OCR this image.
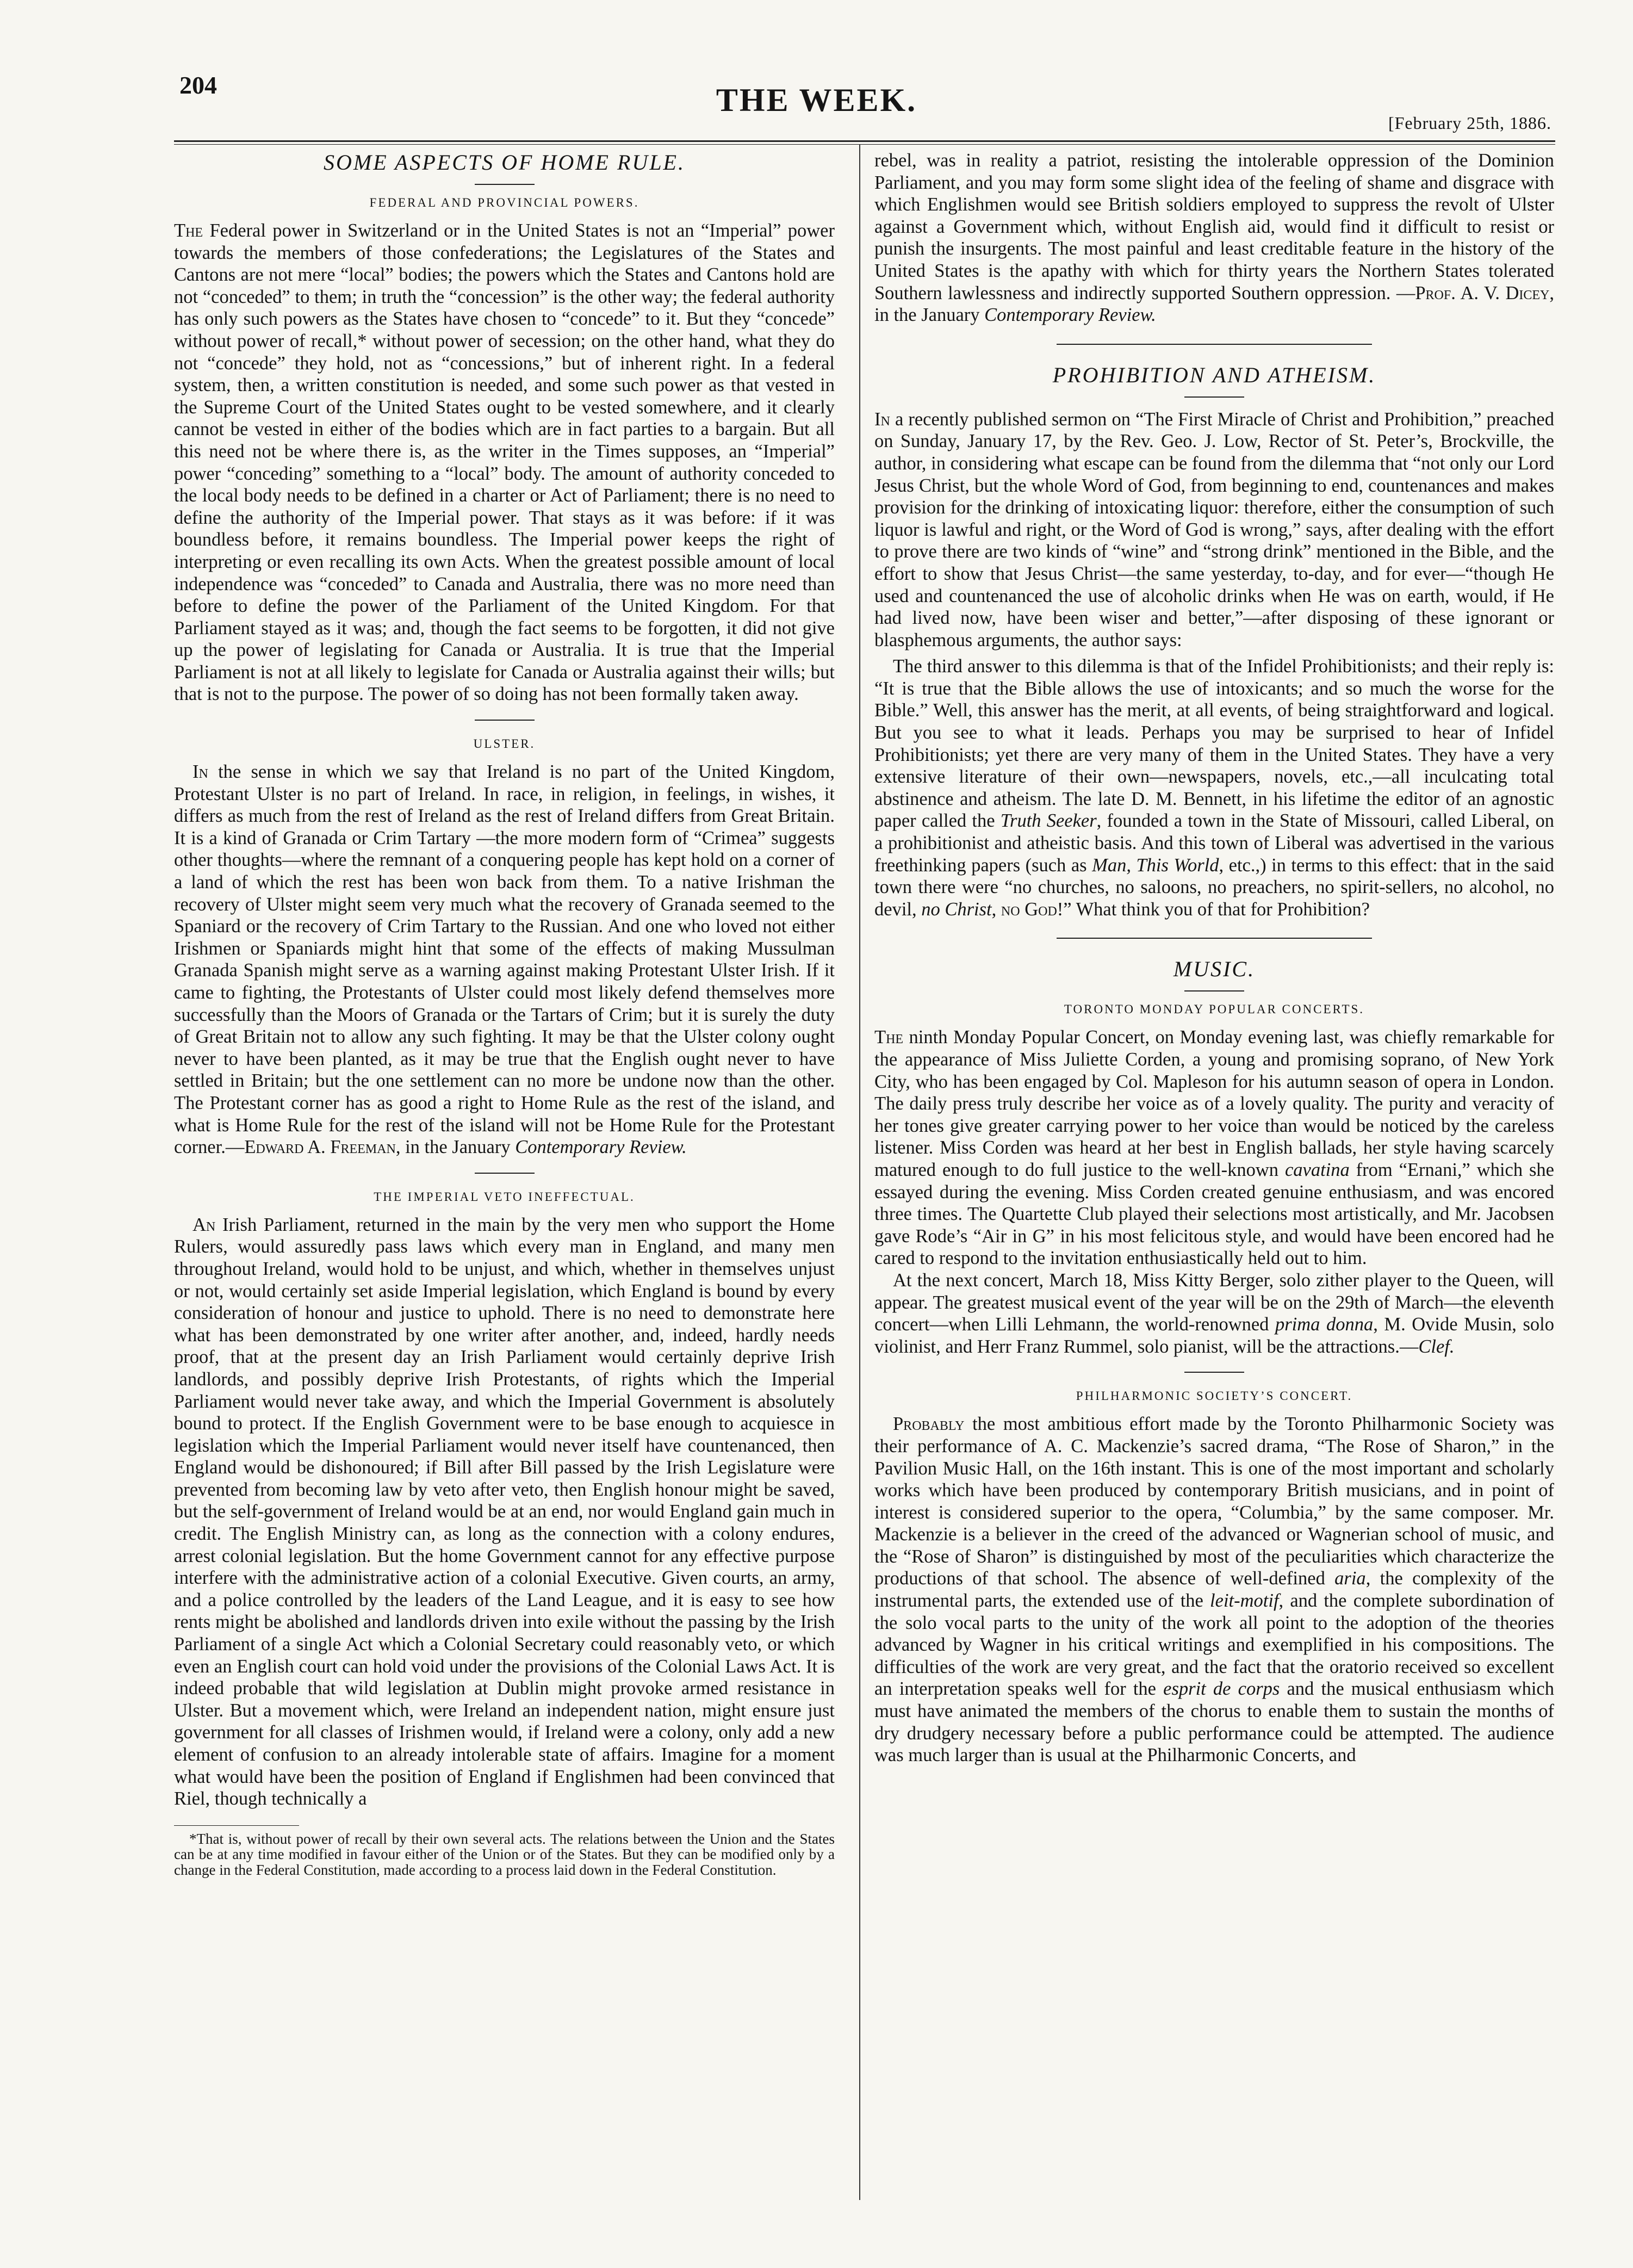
204	THE WEEK.
[February 25th, 1886.
SOME ASPECTS OF HOME RULE.
FEDERAL AND PROVINCIAL POWERS.

The Federal power in Switzerland or in the United States is not an “Imperial” power towards the members of those confederations; the Legislatures of the States and Cantons are not mere “local” bodies; the powers which the States and Cantons hold are not “conceded” to them; in truth the “concession” is the other way; the federal authority has only such powers as the States have chosen to “concede” to it. But they “concede” without power of recall,* without power of secession; on the other hand, what they do not “concede” they hold, not as “concessions,” but of inherent right. In a federal system, then, a written constitution is needed, and some such power as that vested in the Supreme Court of the United States ought to be vested somewhere, and it clearly cannot be vested in either of the bodies which are in fact parties to a bargain. But all this need not be where there is, as the writer in the Times supposes, an “Imperial” power “conceding” something to a “local” body. The amount of authority conceded to the local body needs to be defined in a charter or Act of Parliament; there is no need to define the authority of the Imperial power. That stays as it was before: if it was boundless before, it remains boundless. The Imperial power keeps the right of interpreting or even recalling its own Acts. When the greatest possible amount of local independence was “conceded” to Canada and Australia, there was no more need than before to define the power of the Parliament of the United Kingdom. For that Parliament stayed as it was; and, though the fact seems to be forgotten, it did not give up the power of legislating for Canada or Australia. It is true that the Imperial Parliament is not at all likely to legislate for Canada or Australia against their wills; but that is not to the purpose. The power of so doing has not been formally taken away.

ULSTER.

In the sense in which we say that Ireland is no part of the United Kingdom, Protestant Ulster is no part of Ireland. In race, in religion, in feelings, in wishes, it differs as much from the rest of Ireland as the rest of Ireland differs from Great Britain. It is a kind of Granada or Crim Tartary —the more modern form of “Crimea” suggests other thoughts—where the remnant of a conquering people has kept hold on a corner of a land of which the rest has been won back from them. To a native Irishman the recovery of Ulster might seem very much what the recovery of Granada seemed to the Spaniard or the recovery of Crim Tartary to the Russian. And one who loved not either Irishmen or Spaniards might hint that some of the effects of making Mussulman Granada Spanish might serve as a warning against making Protestant Ulster Irish. If it came to fighting, the Protestants of Ulster could most likely defend themselves more successfully than the Moors of Granada or the Tartars of Crim; but it is surely the duty of Great Britain not to allow any such fighting. It may be that the Ulster colony ought never to have been planted, as it may be true that the English ought never to have settled in Britain; but the one settlement can no more be undone now than the other. The Protestant corner has as good a right to Home Rule as the rest of the island, and what is Home Rule for the rest of the island will not be Home Rule for the Protestant corner.—Edward A. Freeman, in the January Contemporary Review.

THE IMPERIAL VETO INEFFECTUAL.

An Irish Parliament, returned in the main by the very men who support the Home Rulers, would assuredly pass laws which every man in England, and many men throughout Ireland, would hold to be unjust, and which, whether in themselves unjust or not, would certainly set aside Imperial legislation, which England is bound by every consideration of honour and justice to uphold. There is no need to demonstrate here what has been demonstrated by one writer after another, and, indeed, hardly needs proof, that at the present day an Irish Parliament would certainly deprive Irish landlords, and possibly deprive Irish Protestants, of rights which the Imperial Parliament would never take away, and which the Imperial Government is absolutely bound to protect. If the English Government were to be base enough to acquiesce in legislation which the Imperial Parliament would never itself have countenanced, then England would be dishonoured; if Bill after Bill passed by the Irish Legislature were prevented from becoming law by veto after veto, then English honour might be saved, but the self-government of Ireland would be at an end, nor would England gain much in credit. The English Ministry can, as long as the connection with a colony endures, arrest colonial legislation. But the home Government cannot for any effective purpose interfere with the administrative action of a colonial Executive. Given courts, an army, and a police controlled by the leaders of the Land League, and it is easy to see how rents might be abolished and landlords driven into exile without the passing by the Irish Parliament of a single Act which a Colonial Secretary could reasonably veto, or which even an English court can hold void under the provisions of the Colonial Laws Act. It is indeed probable that wild legislation at Dublin might provoke armed resistance in Ulster. But a movement which, were Ireland an independent nation, might ensure just government for all classes of Irishmen would, if Ireland were a colony, only add a new element of confusion to an already intolerable state of affairs. Imagine for a moment what would have been the position of England if Englishmen had been convinced that Riel, though technically a

*That is, without power of recall by their own several acts. The relations between the Union and the States can be at any time modified in favour either of the Union or of the States. But they can be modified only by a change in the Federal Constitution, made according to a process laid down in the Federal Constitution.

rebel, was in reality a patriot, resisting the intolerable oppression of the Dominion Parliament, and you may form some slight idea of the feeling of shame and disgrace with which Englishmen would see British soldiers employed to suppress the revolt of Ulster against a Government which, without English aid, would find it difficult to resist or punish the insurgents. The most painful and least creditable feature in the history of the United States is the apathy with which for thirty years the Northern States tolerated Southern lawlessness and indirectly supported Southern oppression. —Prof. A. V. Dicey, in the January Contemporary Review.

PROHIBITION AND ATHEISM.

In a recently published sermon on “The First Miracle of Christ and Prohibition,” preached on Sunday, January 17, by the Rev. Geo. J. Low, Rector of St. Peter’s, Brockville, the author, in considering what escape can be found from the dilemma that “not only our Lord Jesus Christ, but the whole Word of God, from beginning to end, countenances and makes provision for the drinking of intoxicating liquor: therefore, either the consumption of such liquor is lawful and right, or the Word of God is wrong,” says, after dealing with the effort to prove there are two kinds of “wine” and “strong drink” mentioned in the Bible, and the effort to show that Jesus Christ—the same yesterday, to-day, and for ever—“though He used and countenanced the use of alcoholic drinks when He was on earth, would, if He had lived now, have been wiser and better,”—after disposing of these ignorant or blasphemous arguments, the author says:

The third answer to this dilemma is that of the Infidel Prohibitionists; and their reply is: “It is true that the Bible allows the use of intoxicants; and so much the worse for the Bible.” Well, this answer has the merit, at all events, of being straightforward and logical. But you see to what it leads. Perhaps you may be surprised to hear of Infidel Prohibitionists; yet there are very many of them in the United States. They have a very extensive literature of their own—newspapers, novels, etc.,—all inculcating total abstinence and atheism. The late D. M. Bennett, in his lifetime the editor of an agnostic paper called the Truth Seeker, founded a town in the State of Missouri, called Liberal, on a prohibitionist and atheistic basis. And this town of Liberal was advertised in the various freethinking papers (such as Man, This World, etc.,) in terms to this effect: that in the said town there were “no churches, no saloons, no preachers, no spirit-sellers, no alcohol, no devil, no Christ, no God!” What think you of that for Prohibition?

MUSIC.
TORONTO MONDAY POPULAR CONCERTS.

The ninth Monday Popular Concert, on Monday evening last, was chiefly remarkable for the appearance of Miss Juliette Corden, a young and promising soprano, of New York City, who has been engaged by Col. Mapleson for his autumn season of opera in London. The daily press truly describe her voice as of a lovely quality. The purity and veracity of her tones give greater carrying power to her voice than would be noticed by the careless listener. Miss Corden was heard at her best in English ballads, her style having scarcely matured enough to do full justice to the well-known cavatina from “Ernani,” which she essayed during the evening. Miss Corden created genuine enthusiasm, and was encored three times. The Quartette Club played their selections most artistically, and Mr. Jacobsen gave Rode’s “Air in G” in his most felicitous style, and would have been encored had he cared to respond to the invitation enthusiastically held out to him.

At the next concert, March 18, Miss Kitty Berger, solo zither player to the Queen, will appear. The greatest musical event of the year will be on the 29th of March—the eleventh concert—when Lilli Lehmann, the world-renowned prima donna, M. Ovide Musin, solo violinist, and Herr Franz Rummel, solo pianist, will be the attractions.—Clef.

PHILHARMONIC SOCIETY’S CONCERT.

Probably the most ambitious effort made by the Toronto Philharmonic Society was their performance of A. C. Mackenzie’s sacred drama, “The Rose of Sharon,” in the Pavilion Music Hall, on the 16th instant. This is one of the most important and scholarly works which have been produced by contemporary British musicians, and in point of interest is considered superior to the opera, “Columbia,” by the same composer. Mr. Mackenzie is a believer in the creed of the advanced or Wagnerian school of music, and the “Rose of Sharon” is distinguished by most of the peculiarities which characterize the productions of that school. The absence of well-defined aria, the complexity of the instrumental parts, the extended use of the leit-motif, and the complete subordination of the solo vocal parts to the unity of the work all point to the adoption of the theories advanced by Wagner in his critical writings and exemplified in his compositions. The difficulties of the work are very great, and the fact that the oratorio received so excellent an interpretation speaks well for the esprit de corps and the musical enthusiasm which must have animated the members of the chorus to enable them to sustain the months of dry drudgery necessary before a public performance could be attempted. The audience was much larger than is usual at the Philharmonic Concerts, and
